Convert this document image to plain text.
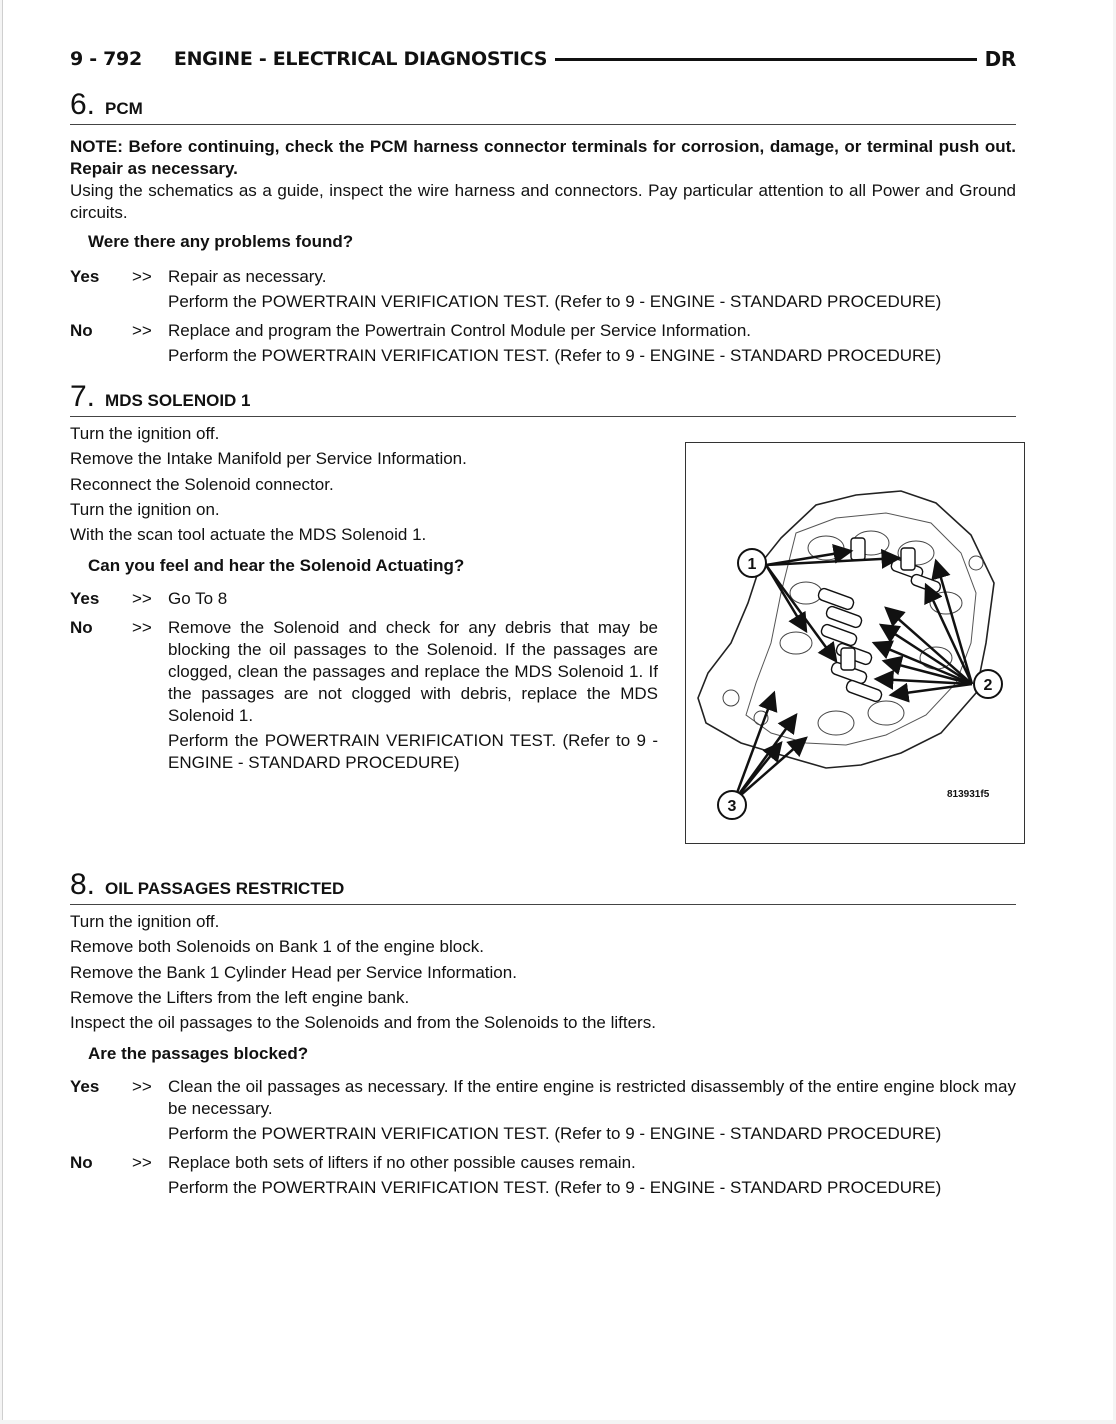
9 - 792 ENGINE - ELECTRICAL DIAGNOSTICS	DR
6. PCM
NOTE: Before continuing, check the PCM harness connector terminals for corrosion, damage, or terminal push out. Repair as necessary.
Using the schematics as a guide, inspect the wire harness and connectors. Pay particular attention to all Power and Ground circuits.
Were there any problems found?
Yes >> Repair as necessary.
Perform the POWERTRAIN VERIFICATION TEST. (Refer to 9 - ENGINE - STANDARD PROCEDURE)
No >> Replace and program the Powertrain Control Module per Service Information.
Perform the POWERTRAIN VERIFICATION TEST. (Refer to 9 - ENGINE - STANDARD PROCEDURE)
7. MDS SOLENOID 1
Turn the ignition off.
Remove the Intake Manifold per Service Information.
Reconnect the Solenoid connector.
Turn the ignition on.
With the scan tool actuate the MDS Solenoid 1.
Can you feel and hear the Solenoid Actuating?
Yes >> Go To 8
No >> Remove the Solenoid and check for any debris that may be blocking the oil passages to the Solenoid. If the passages are clogged, clean the passages and replace the MDS Solenoid 1. If the passages are not clogged with debris, replace the MDS Solenoid 1.
Perform the POWERTRAIN VERIFICATION TEST. (Refer to 9 - ENGINE - STANDARD PROCEDURE)
1
2
3
813931f5
8. OIL PASSAGES RESTRICTED
Turn the ignition off.
Remove both Solenoids on Bank 1 of the engine block.
Remove the Bank 1 Cylinder Head per Service Information.
Remove the Lifters from the left engine bank.
Inspect the oil passages to the Solenoids and from the Solenoids to the lifters.
Are the passages blocked?
Yes >> Clean the oil passages as necessary. If the entire engine is restricted disassembly of the entire engine block may be necessary.
Perform the POWERTRAIN VERIFICATION TEST. (Refer to 9 - ENGINE - STANDARD PROCEDURE)
No >> Replace both sets of lifters if no other possible causes remain.
Perform the POWERTRAIN VERIFICATION TEST. (Refer to 9 - ENGINE - STANDARD PROCEDURE)
